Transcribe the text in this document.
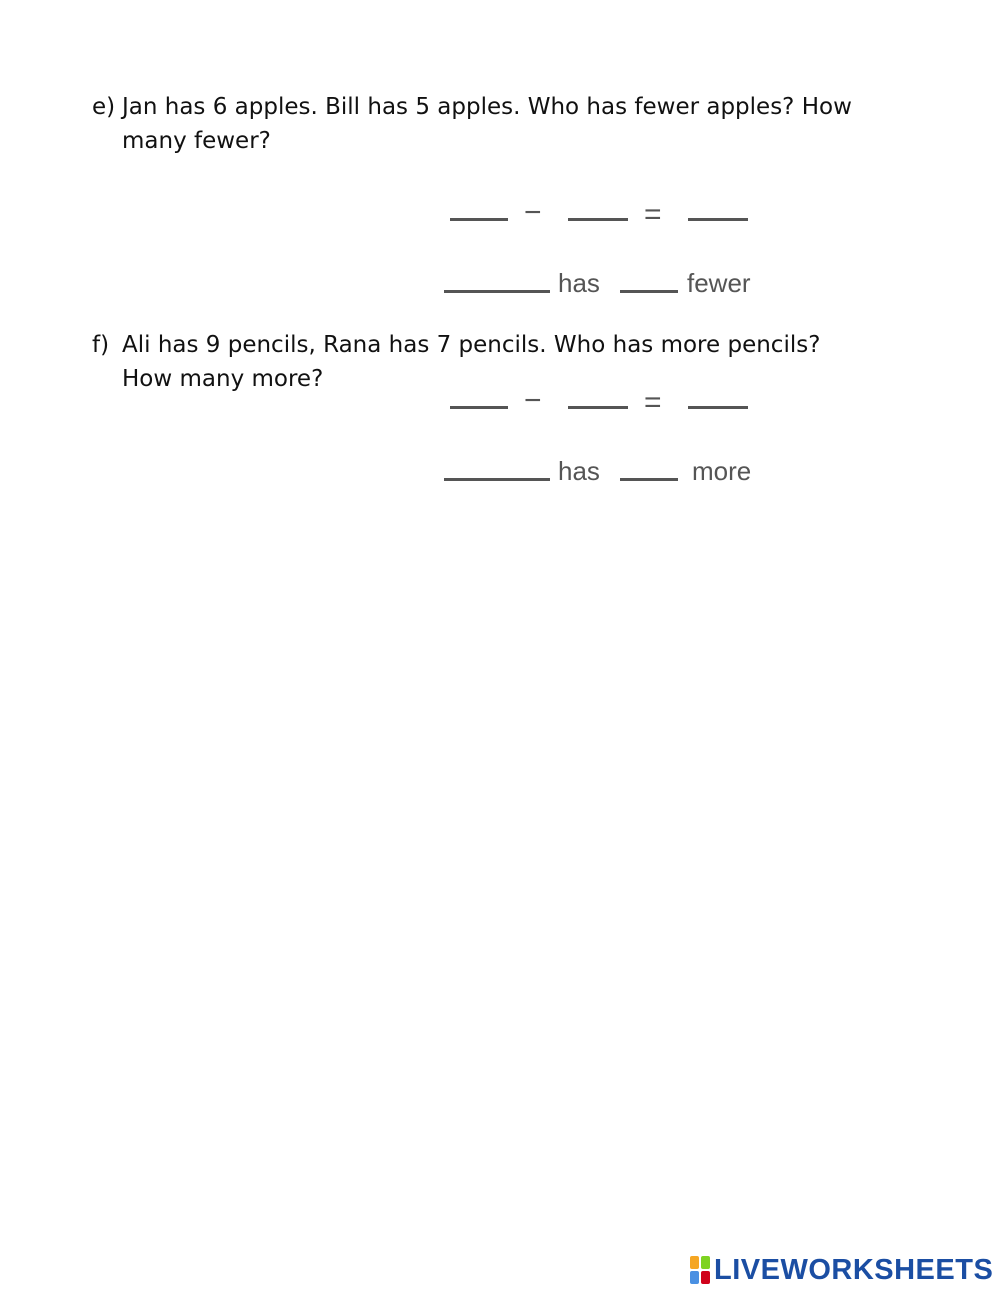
e) Jan has 6 apples. Bill has 5 apples. Who has fewer apples? How many fewer?
−	=
has	fewer
f) Ali has 9 pencils, Rana has 7 pencils. Who has more pencils? How many more?
−	=
has	more
LIVEWORKSHEETS
